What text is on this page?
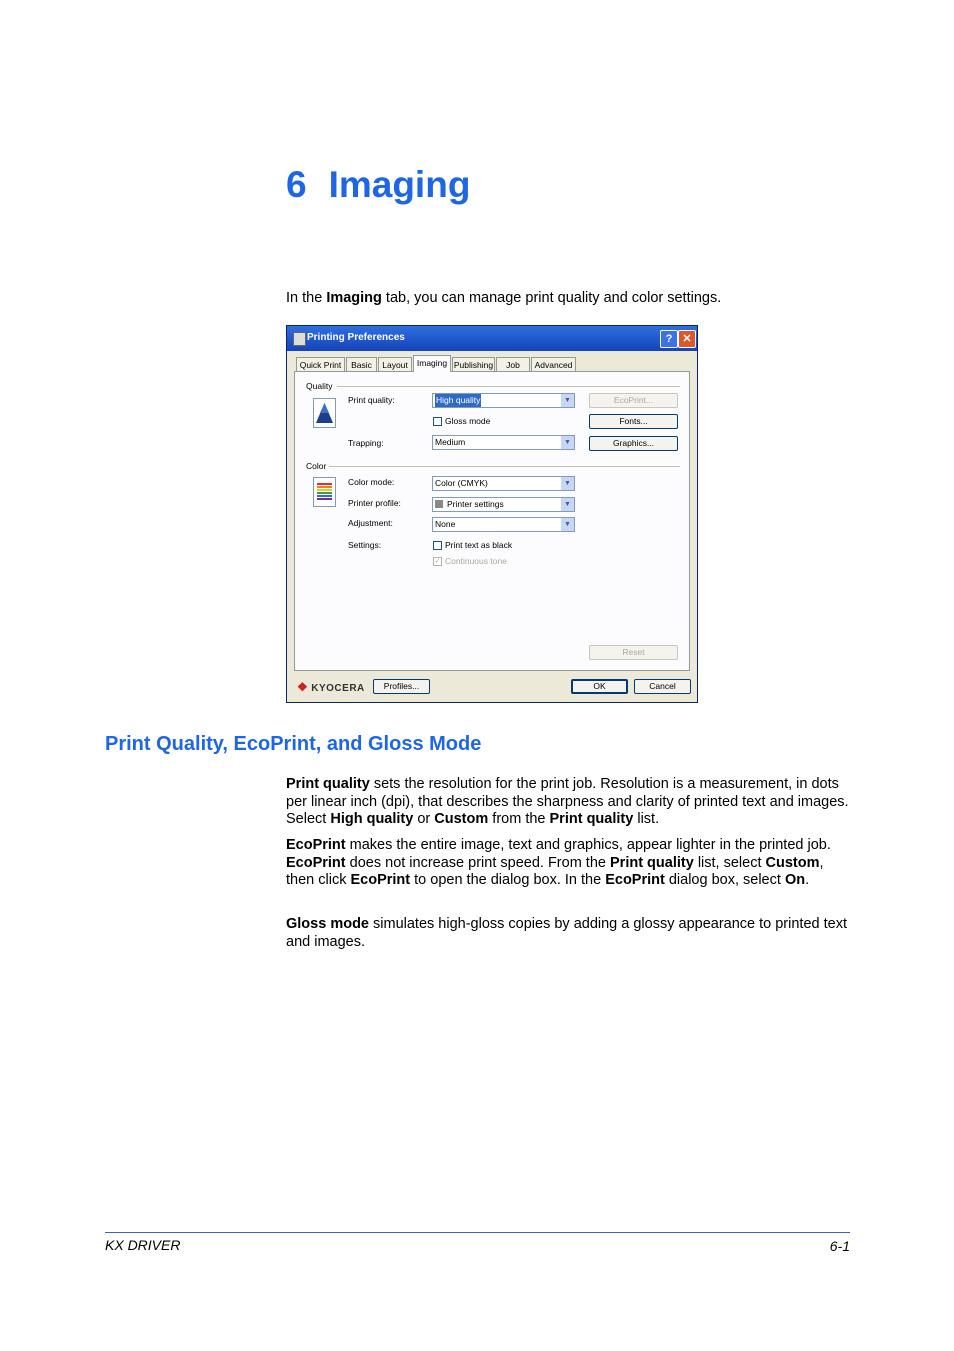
6 Imaging
In the Imaging tab, you can manage print quality and color settings.
Printing Preferences	? ✕
Quick Print	Basic	Layout	Imaging Publishing	Job	Advanced
Quality
Print quality:	High quality	▼	EcoPrint...
Gloss mode	Fonts...
Trapping:	Medium	▼	Graphics...
Color
Color mode:	Color (CMYK)	▼
Printer profile:	Printer settings	▼
Adjustment:	None	▼
Settings:	Print text as black
✓ Continuous tone
Reset
❖ KYOCERA	Profiles...	OK	Cancel
Print Quality, EcoPrint, and Gloss Mode
Print quality sets the resolution for the print job. Resolution is a measurement, in dots per linear inch (dpi), that describes the sharpness and clarity of printed text and images. Select High quality or Custom from the Print quality list.
EcoPrint makes the entire image, text and graphics, appear lighter in the printed job. EcoPrint does not increase print speed. From the Print quality list, select Custom, then click EcoPrint to open the dialog box. In the EcoPrint dialog box, select On.
Gloss mode simulates high-gloss copies by adding a glossy appearance to printed text and images.
KX DRIVER	6-1
